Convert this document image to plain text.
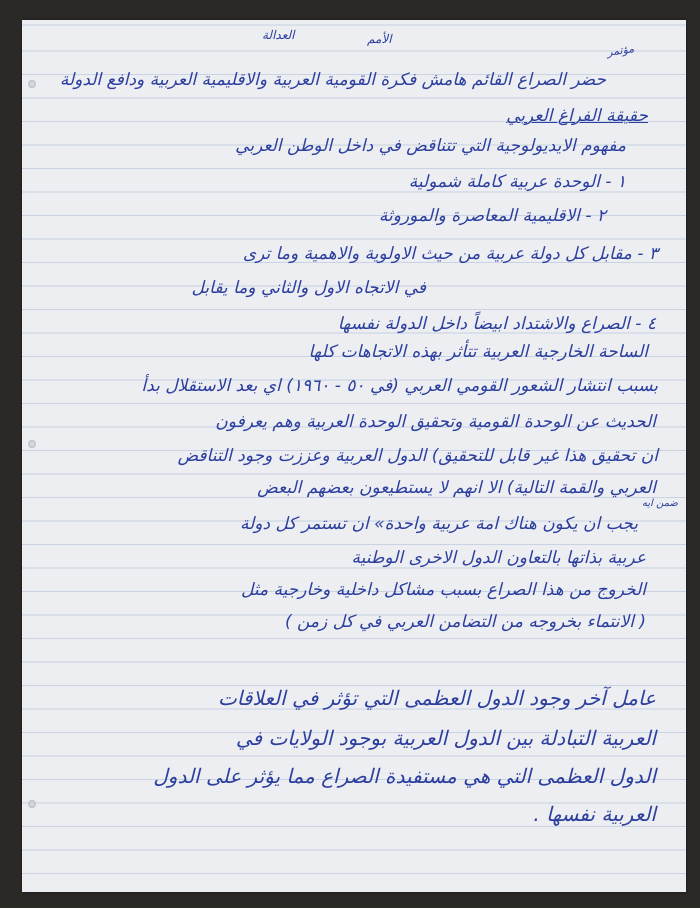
الأمم
العدالة
مؤتمر
حضر الصراع القائم هامش فكرة القومية العربية والاقليمية العربية ودافع الدولة
حقيقة الفراغ العربي
مفهوم الايديولوجية التي تتناقض في داخل الوطن العربي
١ - الوحدة عربية كاملة شمولية
٢ - الاقليمية المعاصرة والموروثة
٣ - مقابل كل دولة عربية من حيث الاولوية والاهمية وما ترى
في الاتجاه الاول والثاني وما يقابل
٤ - الصراع والاشتداد ابيضاً داخل الدولة نفسها
الساحة الخارجية العربية تتأثر بهذه الاتجاهات كلها
بسبب انتشار الشعور القومي العربي (في ٥٠ - ١٩٦٠) اي بعد الاستقلال بدأ
الحديث عن الوحدة القومية وتحقيق الوحدة العربية وهم يعرفون
ان تحقيق هذا غير قابل للتحقيق) الدول العربية وعززت وجود التناقض
العربي والقمة التالية) الا انهم لا يستطيعون بعضهم البعض
ضمن ايه
يجب ان يكون هناك امة عربية واحدة» ان تستمر كل دولة
عربية بذاتها بالتعاون الدول الاخرى الوطنية
الخروج من هذا الصراع بسبب مشاكل داخلية وخارجية مثل
( الانتماء بخروجه من التضامن العربي في كل زمن )
عامل آخر وجود الدول العظمى التي تؤثر في العلاقات
العربية التبادلة بين الدول العربية بوجود الولايات في
الدول العظمى التي هي مستفيدة الصراع مما يؤثر على الدول
العربية نفسها .
